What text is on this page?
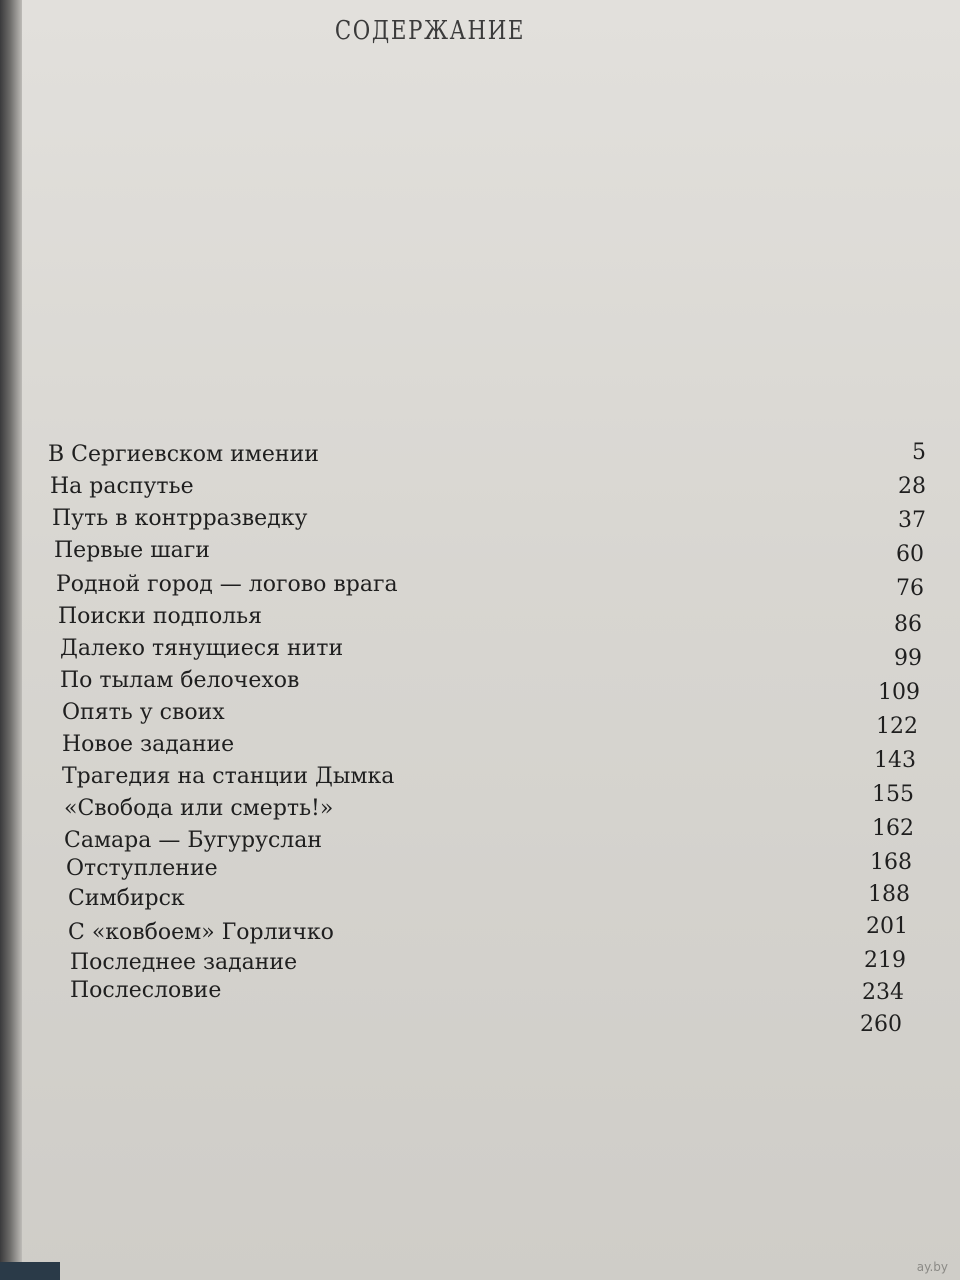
СОДЕРЖАНИЕ
В Сергиевском имении
На распутье
Путь в контрразведку
Первые шаги
Родной город — логово врага
Поиски подполья
Далеко тянущиеся нити
По тылам белочехов
Опять у своих
Новое задание
Трагедия на станции Дымка
«Свобода или смерть!»
Самара — Бугуруслан
Отступление
Симбирск
С «ковбоем» Горличко
Последнее задание
Послесловие
5
28
37
60
76
86
99
109
122
143
155
162
168
188
201
219
234
260
ay.by
